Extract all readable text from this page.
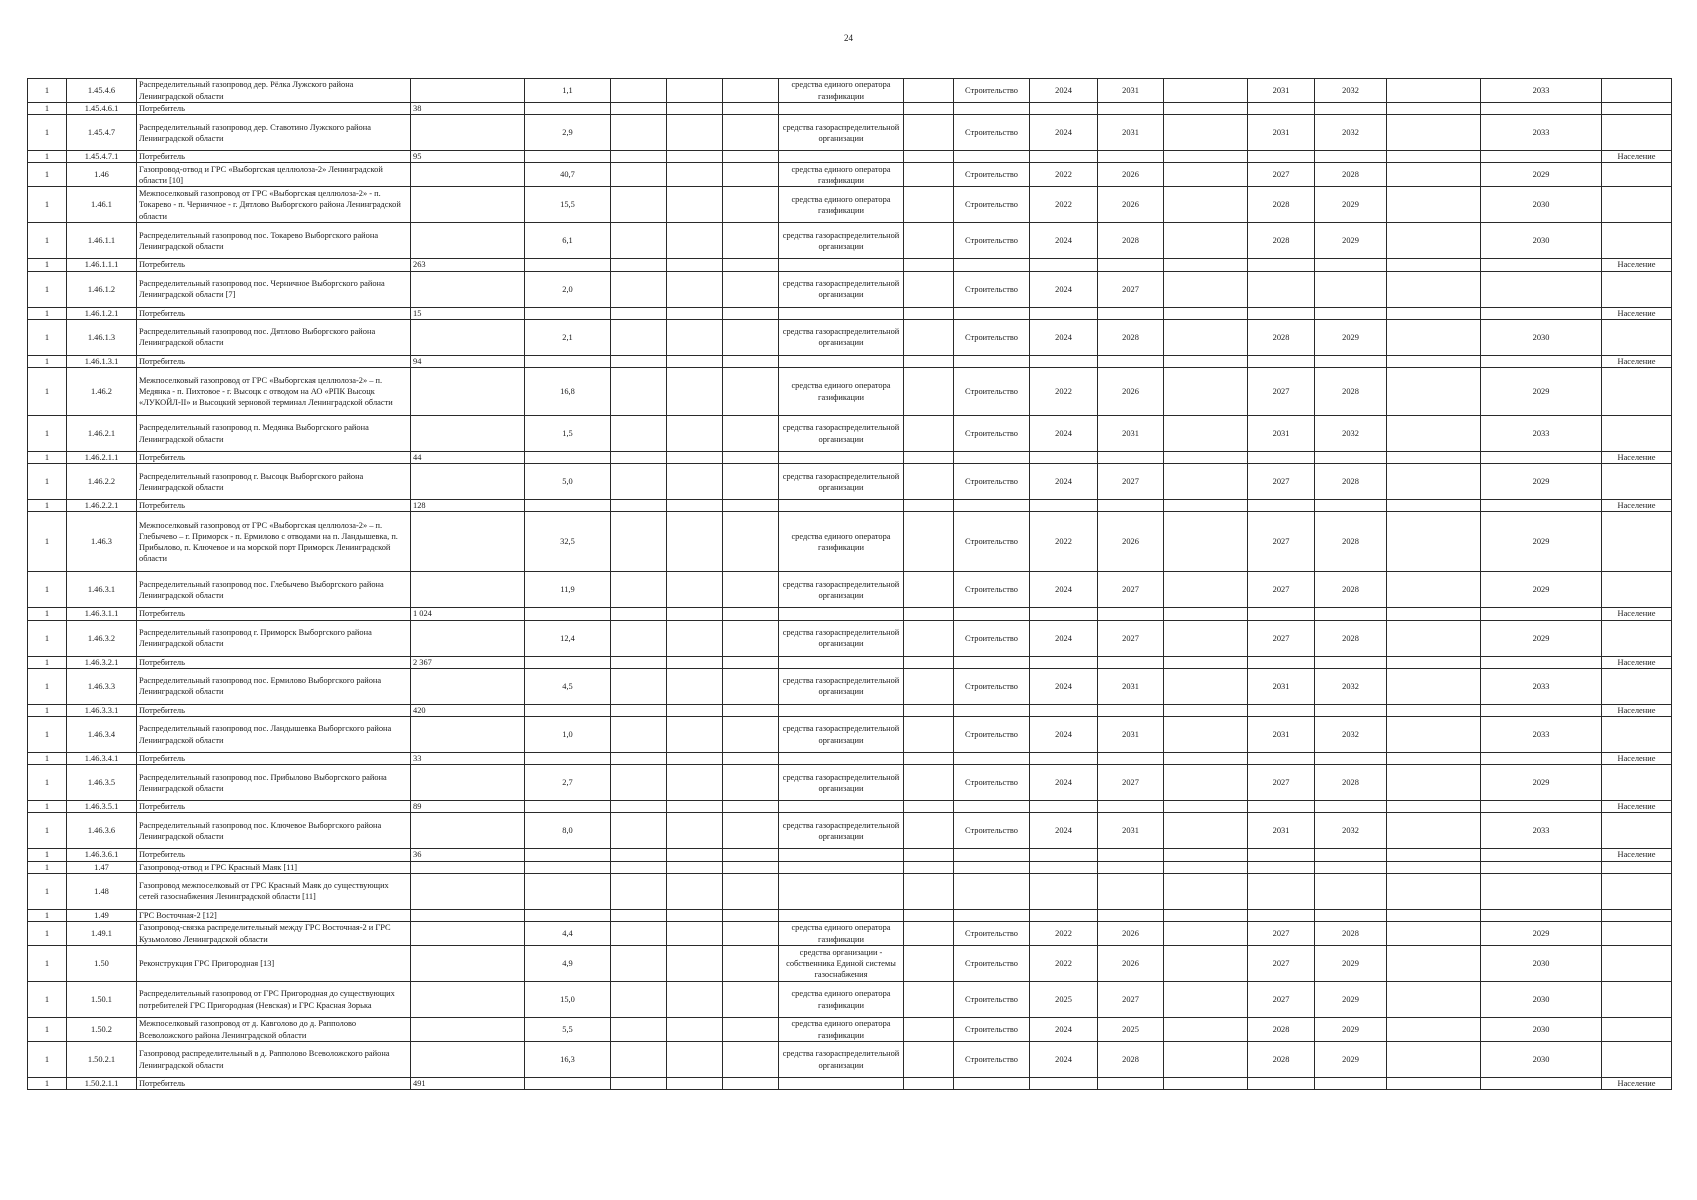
24
1	1.45.4.6	Распределительный газопровод дер. Рёлка Лужского района Ленинградской области		1,1				средства единого оператора газификации		Строительство	2024	2031		2031	2032		2033	
1	1.45.4.6.1	Потребитель	38															
1	1.45.4.7	Распределительный газопровод дер. Ставотино Лужского района Ленинградской области		2,9				средства газораспределительной организации		Строительство	2024	2031		2031	2032		2033	
1	1.45.4.7.1	Потребитель	95															Население
1	1.46	Газопровод-отвод и ГРС «Выборгская целлюлоза-2» Ленинградской области [10]		40,7				средства единого оператора газификации		Строительство	2022	2026		2027	2028		2029	
1	1.46.1	Межпоселковый газопровод от ГРС «Выборгская целлюлоза-2» - п. Токарево - п. Черничное - г. Дятлово Выборгского района Ленинградской области		15,5				средства единого оператора газификации		Строительство	2022	2026		2028	2029		2030	
1	1.46.1.1	Распределительный газопровод пос. Токарево Выборгского района Ленинградской области		6,1				средства газораспределительной организации		Строительство	2024	2028		2028	2029		2030	
1	1.46.1.1.1	Потребитель	263															Население
1	1.46.1.2	Распределительный газопровод пос. Черничное Выборгского района Ленинградской области [7]		2,0				средства газораспределительной организации		Строительство	2024	2027						
1	1.46.1.2.1	Потребитель	15															Население
1	1.46.1.3	Распределительный газопровод пос. Дятлово Выборгского района Ленинградской области		2,1				средства газораспределительной организации		Строительство	2024	2028		2028	2029		2030	
1	1.46.1.3.1	Потребитель	94															Население
1	1.46.2	Межпоселковый газопровод от ГРС «Выборгская целлюлоза-2» – п. Медянка - п. Пихтовое - г. Высоцк с отводом на АО «РПК Высоцк «ЛУКОЙЛ-II» и Высоцкий зерновой терминал Ленинградской области		16,8				средства единого оператора газификации		Строительство	2022	2026		2027	2028		2029	
1	1.46.2.1	Распределительный газопровод п. Медянка Выборгского района Ленинградской области		1,5				средства газораспределительной организации		Строительство	2024	2031		2031	2032		2033	
1	1.46.2.1.1	Потребитель	44															Население
1	1.46.2.2	Распределительный газопровод г. Высоцк Выборгского района Ленинградской области		5,0				средства газораспределительной организации		Строительство	2024	2027		2027	2028		2029	
1	1.46.2.2.1	Потребитель	128															Население
1	1.46.3	Межпоселковый газопровод от ГРС «Выборгская целлюлоза-2» – п. Глебычево – г. Приморск - п. Ермилово с отводами на п. Ландышевка, п. Прибылово, п. Ключевое и на морской порт Приморск Ленинградской области		32,5				средства единого оператора газификации		Строительство	2022	2026		2027	2028		2029	
1	1.46.3.1	Распределительный газопровод пос. Глебычево Выборгского района Ленинградской области		11,9				средства газораспределительной организации		Строительство	2024	2027		2027	2028		2029	
1	1.46.3.1.1	Потребитель	1 024															Население
1	1.46.3.2	Распределительный газопровод г. Приморск Выборгского района Ленинградской области		12,4				средства газораспределительной организации		Строительство	2024	2027		2027	2028		2029	
1	1.46.3.2.1	Потребитель	2 367															Население
1	1.46.3.3	Распределительный газопровод пос. Ермилово Выборгского района Ленинградской области		4,5				средства газораспределительной организации		Строительство	2024	2031		2031	2032		2033	
1	1.46.3.3.1	Потребитель	420															Население
1	1.46.3.4	Распределительный газопровод пос. Ландышевка Выборгского района Ленинградской области		1,0				средства газораспределительной организации		Строительство	2024	2031		2031	2032		2033	
1	1.46.3.4.1	Потребитель	33															Население
1	1.46.3.5	Распределительный газопровод пос. Прибылово Выборгского района Ленинградской области		2,7				средства газораспределительной организации		Строительство	2024	2027		2027	2028		2029	
1	1.46.3.5.1	Потребитель	89															Население
1	1.46.3.6	Распределительный газопровод пос. Ключевое Выборгского района Ленинградской области		8,0				средства газораспределительной организации		Строительство	2024	2031		2031	2032		2033	
1	1.46.3.6.1	Потребитель	36															Население
1	1.47	Газопровод-отвод и ГРС Красный Маяк [11]																
1	1.48	Газопровод межпоселковый от ГРС Красный Маяк до существующих сетей газоснабжения Ленинградской области [11]																
1	1.49	ГРС Восточная-2 [12]																
1	1.49.1	Газопровод-связка распределительный между ГРС Восточная-2 и ГРС Кузьмолово Ленинградской области		4,4				средства единого оператора газификации		Строительство	2022	2026		2027	2028		2029	
1	1.50	Реконструкция ГРС Пригородная [13]		4,9				средства организации - собственника Единой системы газоснабжения		Строительство	2022	2026		2027	2029		2030	
1	1.50.1	Распределительный газопровод от ГРС Пригородная до существующих потребителей ГРС Пригородная (Невская) и ГРС Красная Зорька		15,0				средства единого оператора газификации		Строительство	2025	2027		2027	2029		2030	
1	1.50.2	Межпоселковый газопровод от д. Кавголово до д. Рапполово Всеволожского района Ленинградской области		5,5				средства единого оператора газификации		Строительство	2024	2025		2028	2029		2030	
1	1.50.2.1	Газопровод распределительный в д. Рапполово Всеволожского района Ленинградской области		16,3				средства газораспределительной организации		Строительство	2024	2028		2028	2029		2030	
1	1.50.2.1.1	Потребитель	491															Население
